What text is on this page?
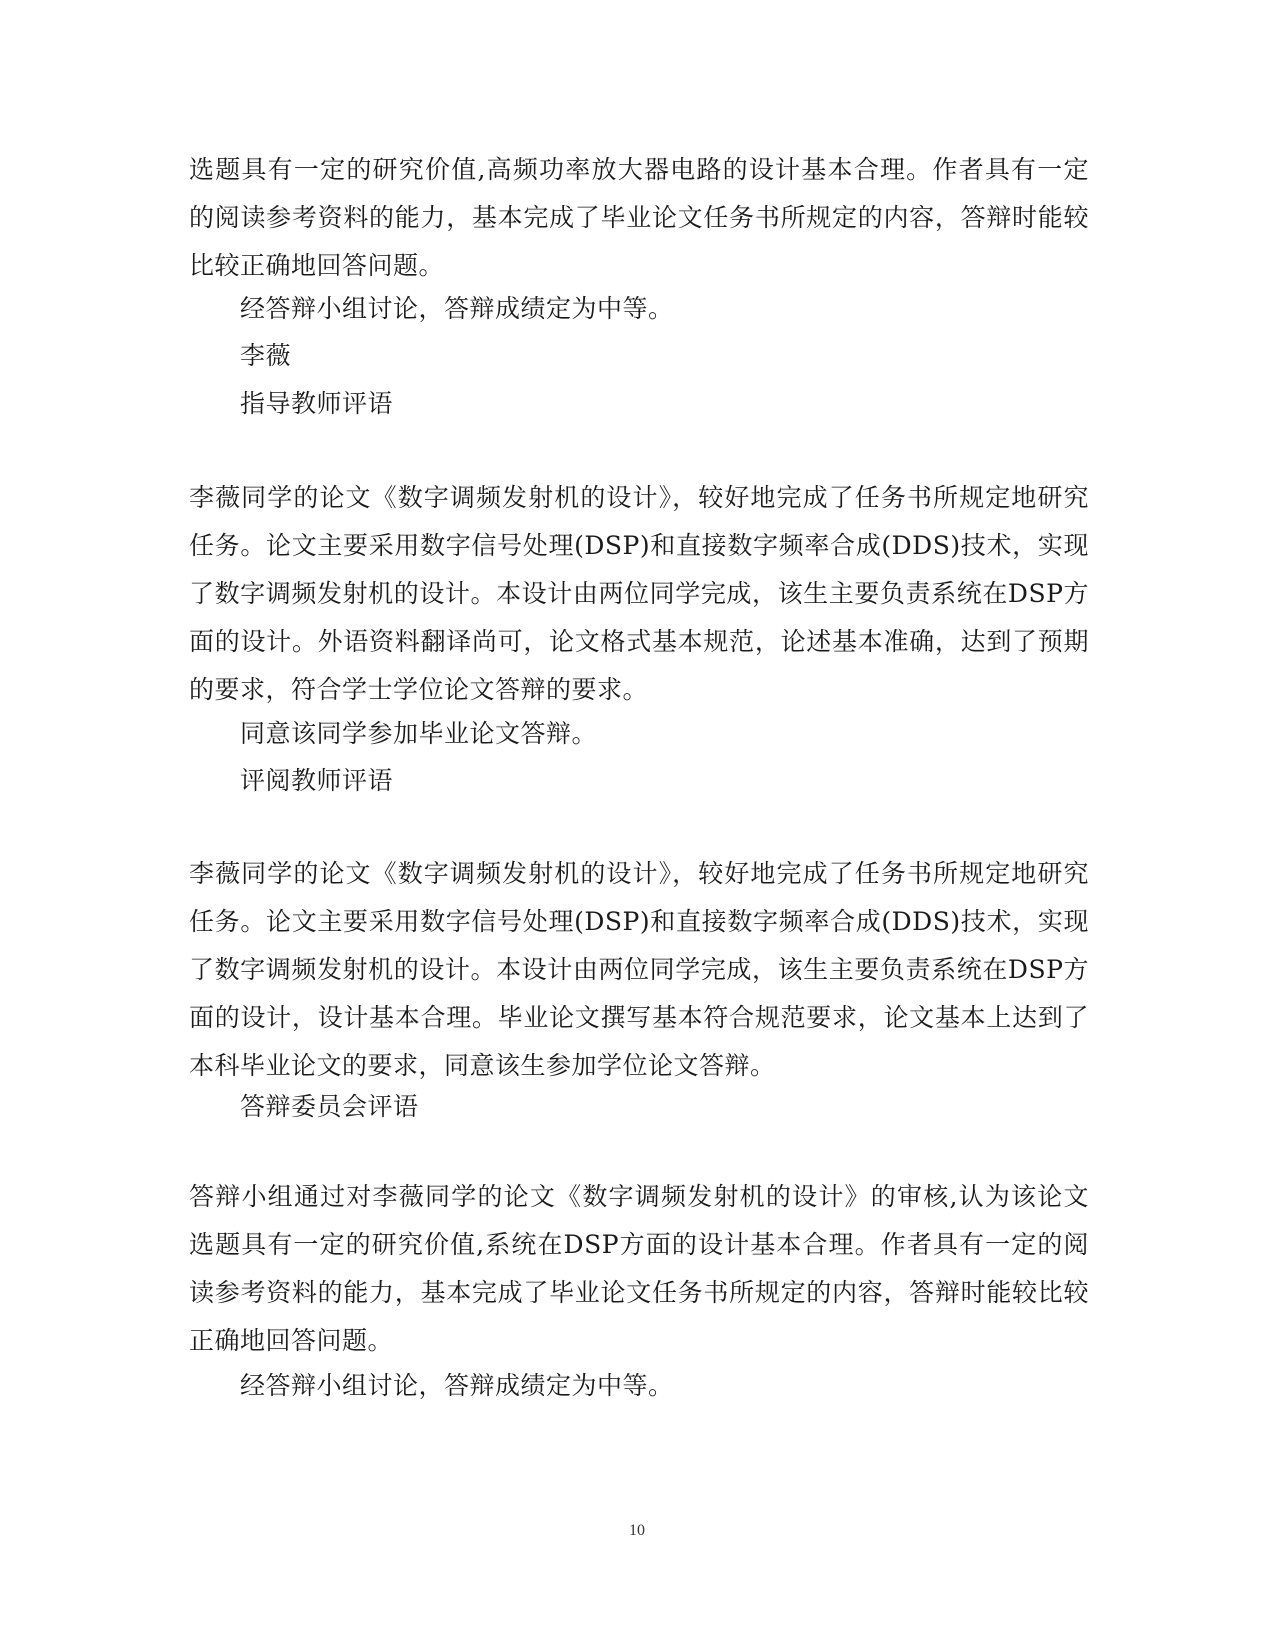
选题具有一定的研究价值,高频功率放大器电路的设计基本合理。作者具有一定的阅读参考资料的能力，基本完成了毕业论文任务书所规定的内容，答辩时能较比较正确地回答问题。

经答辩小组讨论，答辩成绩定为中等。

李薇

指导教师评语

李薇同学的论文《数字调频发射机的设计》，较好地完成了任务书所规定地研究任务。论文主要采用数字信号处理(DSP)和直接数字频率合成(DDS)技术，实现了数字调频发射机的设计。本设计由两位同学完成，该生主要负责系统在DSP方面的设计。外语资料翻译尚可，论文格式基本规范，论述基本准确，达到了预期的要求，符合学士学位论文答辩的要求。

同意该同学参加毕业论文答辩。

评阅教师评语

李薇同学的论文《数字调频发射机的设计》，较好地完成了任务书所规定地研究任务。论文主要采用数字信号处理(DSP)和直接数字频率合成(DDS)技术，实现了数字调频发射机的设计。本设计由两位同学完成，该生主要负责系统在DSP方面的设计，设计基本合理。毕业论文撰写基本符合规范要求，论文基本上达到了本科毕业论文的要求，同意该生参加学位论文答辩。

答辩委员会评语

答辩小组通过对李薇同学的论文《数字调频发射机的设计》的审核,认为该论文选题具有一定的研究价值,系统在DSP方面的设计基本合理。作者具有一定的阅读参考资料的能力，基本完成了毕业论文任务书所规定的内容，答辩时能较比较正确地回答问题。

经答辩小组讨论，答辩成绩定为中等。

10
